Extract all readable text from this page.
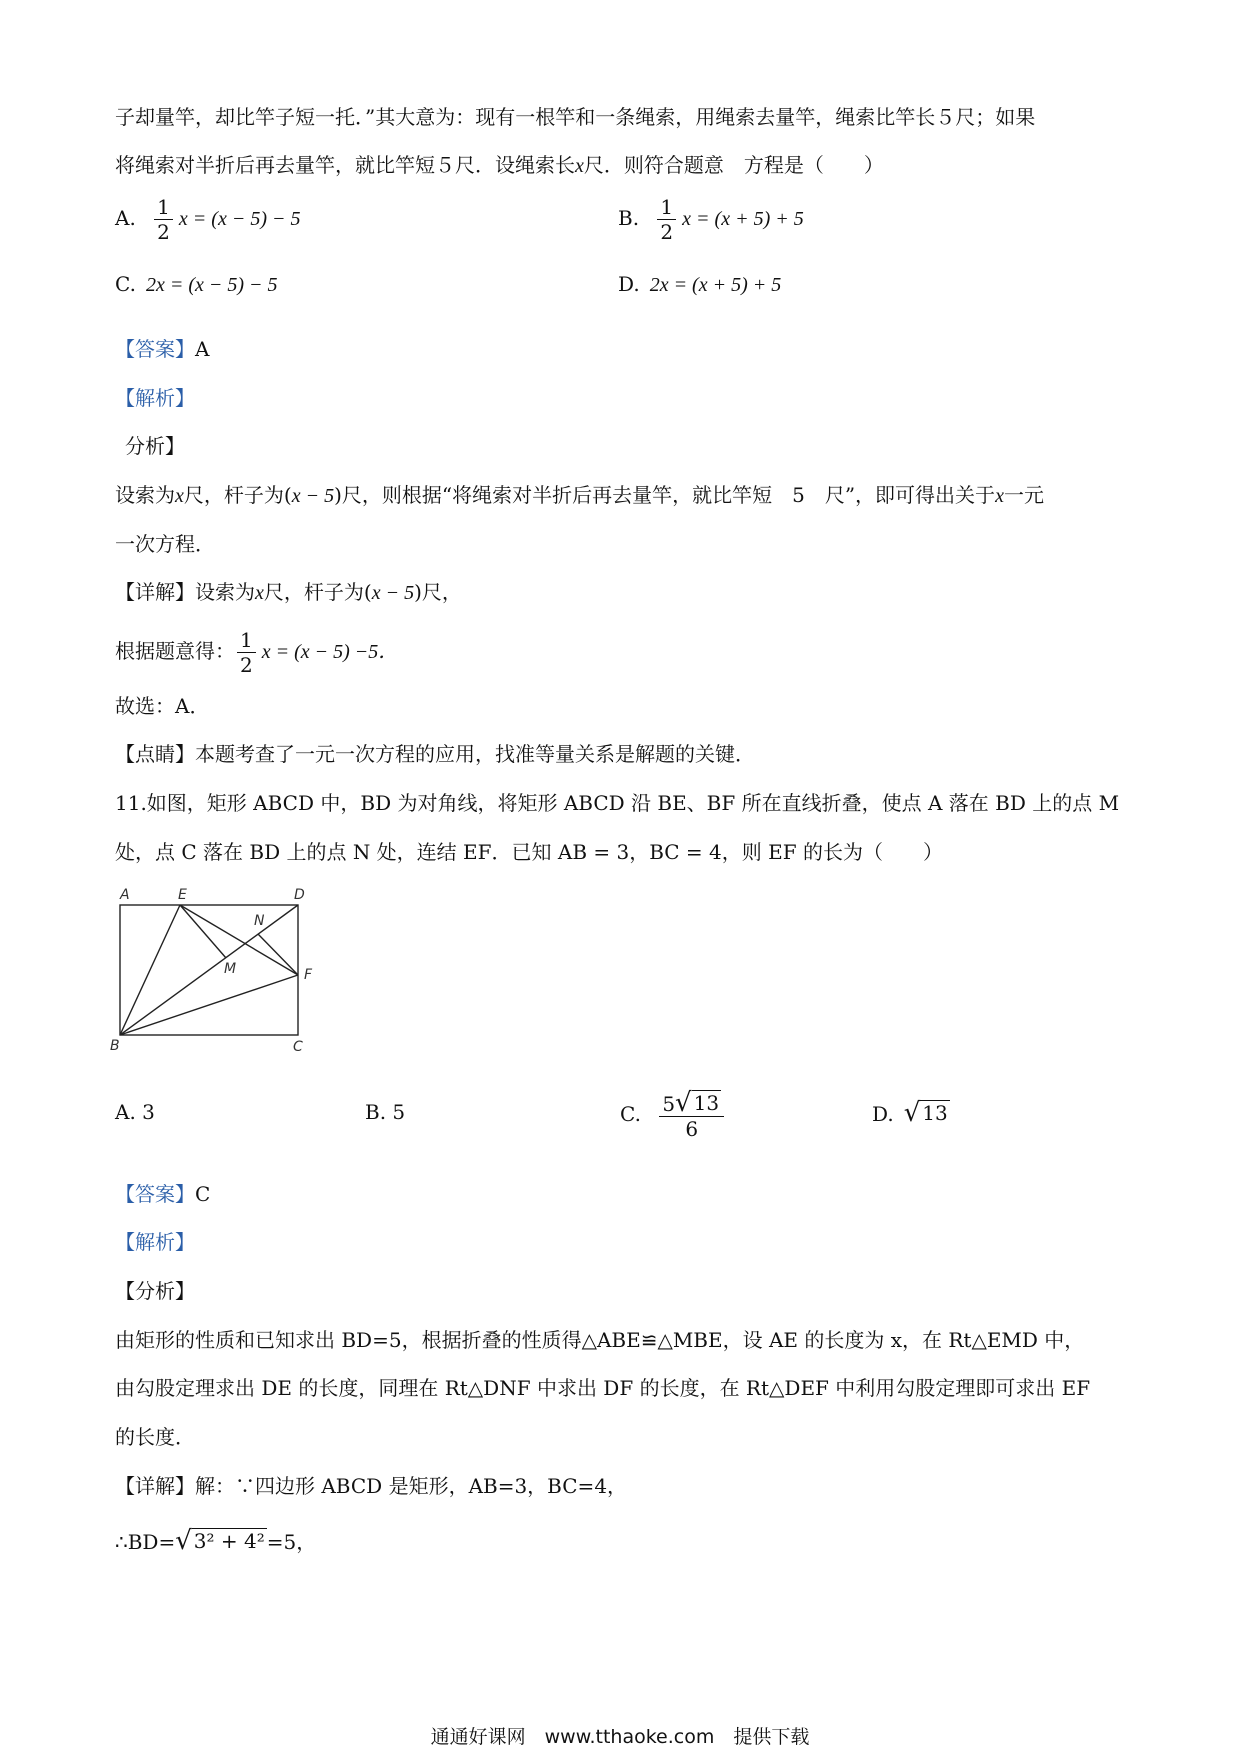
子却量竿，却比竿子短一托．”其大意为：现有一根竿和一条绳索，用绳索去量竿，绳索比竿长５尺；如果
将绳索对半折后再去量竿，就比竿短５尺．设绳索长x尺．则符合题意　方程是（　　）
A. $\frac{1}{2}$ x = (x − 5) − 5	B. $\frac{1}{2}$ x = (x + 5) + 5
C. 2x = (x − 5) − 5	D. 2x = (x + 5) + 5
【答案】A
【解析】
分析】
设索为x尺，杆子为(x − 5)尺，则根据“将绳索对半折后再去量竿，就比竿短　5　尺”，即可得出关于x一元
一次方程．
【详解】设索为x尺，杆子为(x − 5)尺，
根据题意得： $\frac{1}{2}$ x = (x − 5) −5．
故选：A．
【点睛】本题考查了一元一次方程的应用，找准等量关系是解题的关键．
11.如图，矩形 ABCD 中，BD 为对角线，将矩形 ABCD 沿 BE、BF 所在直线折叠，使点 A 落在 BD 上的点 M
处，点 C 落在 BD 上的点 N 处，连结 EF．已知 AB = 3，BC = 4，则 EF 的长为（　　）
A	E	D
N
M	F
B	C
A. 3	B. 5	C. $\frac{5 √ 13}{6}$	D. √ 13
【答案】C
【解析】
【分析】
由矩形的性质和已知求出 BD=5，根据折叠的性质得△ABE≌△MBE，设 AE 的长度为 x，在 Rt△EMD 中，
由勾股定理求出 DE 的长度，同理在 Rt△DNF 中求出 DF 的长度，在 Rt△DEF 中利用勾股定理即可求出 EF
的长度．
【详解】解：∵四边形 ABCD 是矩形，AB=3，BC=4，
∴BD= √ 3² + 4² =5，
通通好课网　www.tthaoke.com　提供下载
